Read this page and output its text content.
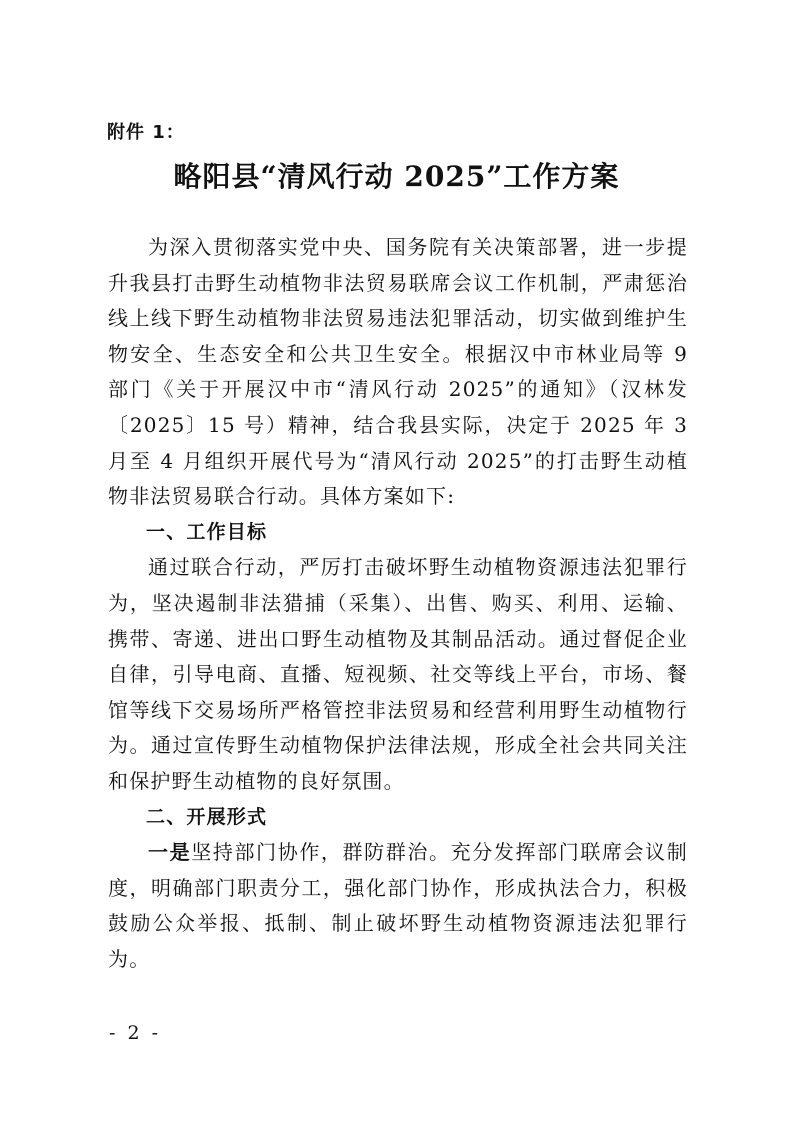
附件 1：
略阳县“清风行动 2025”工作方案

为深入贯彻落实党中央、国务院有关决策部署，进一步提升我县打击野生动植物非法贸易联席会议工作机制，严肃惩治线上线下野生动植物非法贸易违法犯罪活动，切实做到维护生物安全、生态安全和公共卫生安全。根据汉中市林业局等 9 部门《关于开展汉中市“清风行动 2025”的通知》（汉林发〔2025〕15 号）精神，结合我县实际，决定于 2025 年 3 月至 4 月组织开展代号为“清风行动 2025”的打击野生动植物非法贸易联合行动。具体方案如下:

一、工作目标

通过联合行动，严厉打击破坏野生动植物资源违法犯罪行为，坚决遏制非法猎捕（采集）、出售、购买、利用、运输、携带、寄递、进出口野生动植物及其制品活动。通过督促企业自律，引导电商、直播、短视频、社交等线上平台，市场、餐馆等线下交易场所严格管控非法贸易和经营利用野生动植物行为。通过宣传野生动植物保护法律法规，形成全社会共同关注和保护野生动植物的良好氛围。

二、开展形式

一是坚持部门协作，群防群治。充分发挥部门联席会议制度，明确部门职责分工，强化部门协作，形成执法合力，积极鼓励公众举报、抵制、制止破坏野生动植物资源违法犯罪行为。

- 2 -
